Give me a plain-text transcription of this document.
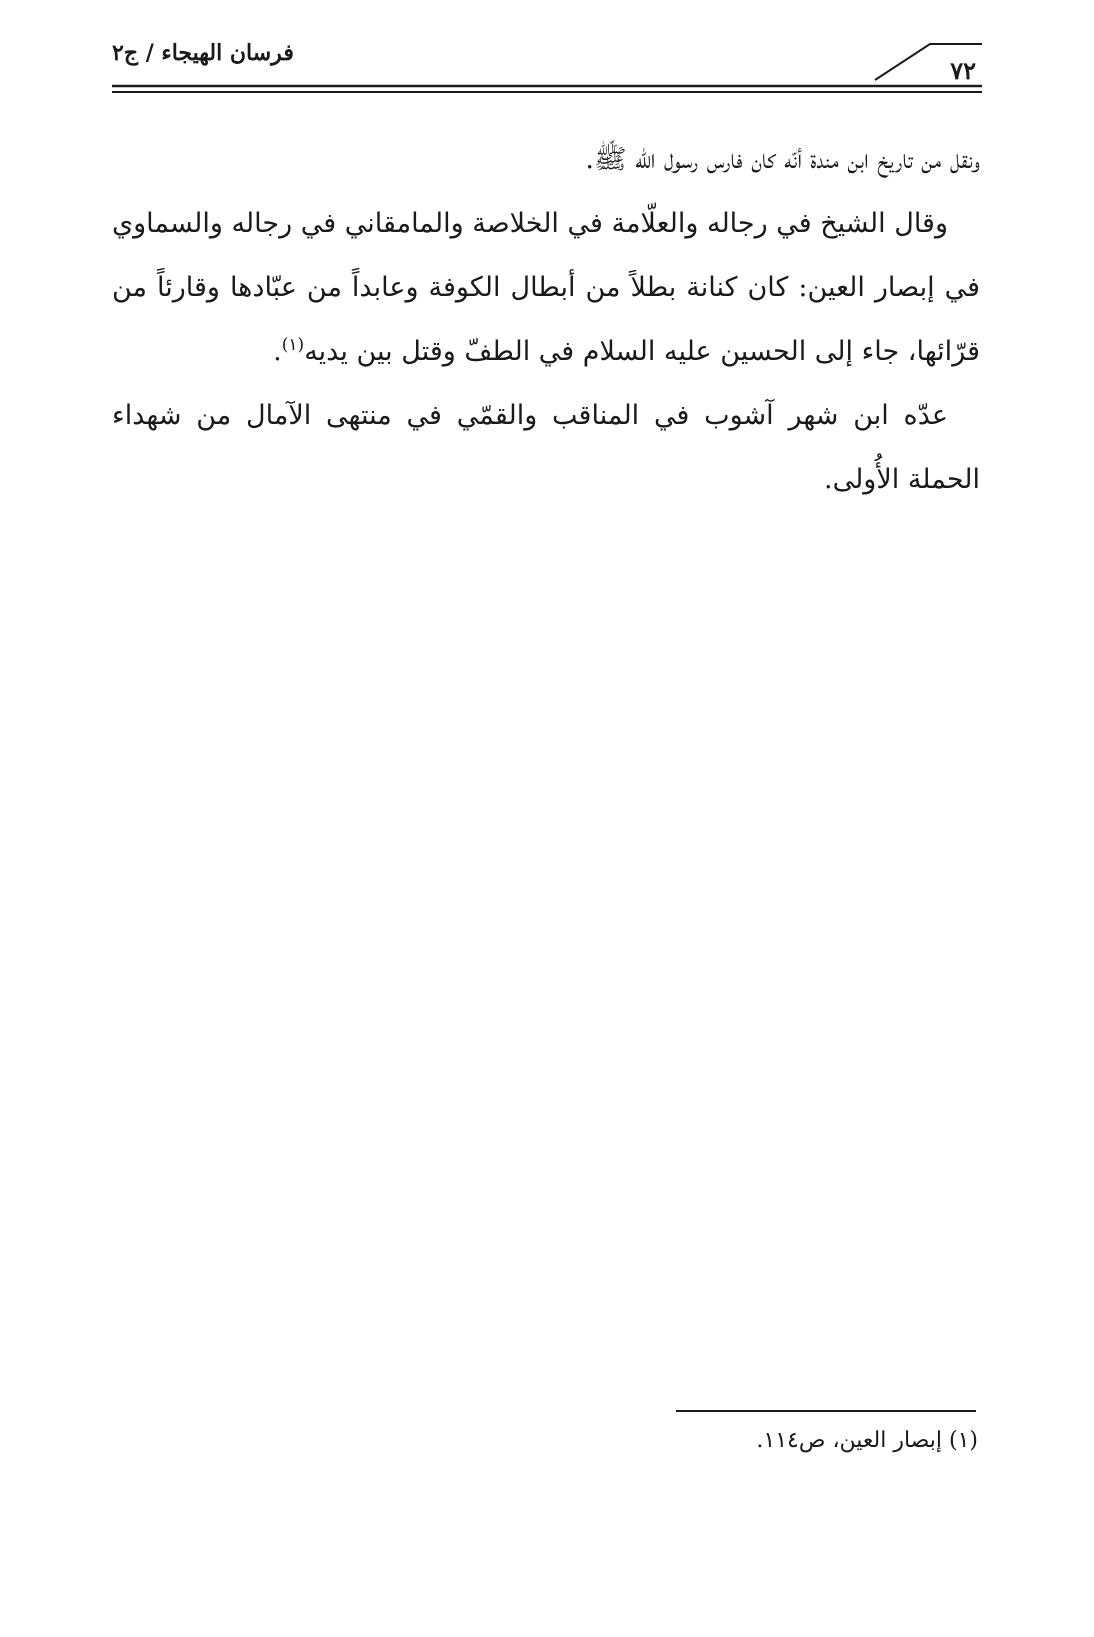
فرسان الهيجاء / ج٢
٧٢

ونقل من تاريخ ابن مندة أنّه كان فارس رسول الله ﷺ.

وقال الشيخ في رجاله والعلّامة في الخلاصة والمامقاني في رجاله والسماوي في إبصار العين: كان كنانة بطلاً من أبطال الكوفة وعابداً من عبّادها وقارئاً من قرّائها، جاء إلى الحسين عليه السلام في الطفّ وقتل بين يديه$^{(١)}$.

عدّه ابن شهر آشوب في المناقب والقمّي في منتهى الآمال من شهداء الحملة الأُولى.

(١) إبصار العين، ص١١٤.
